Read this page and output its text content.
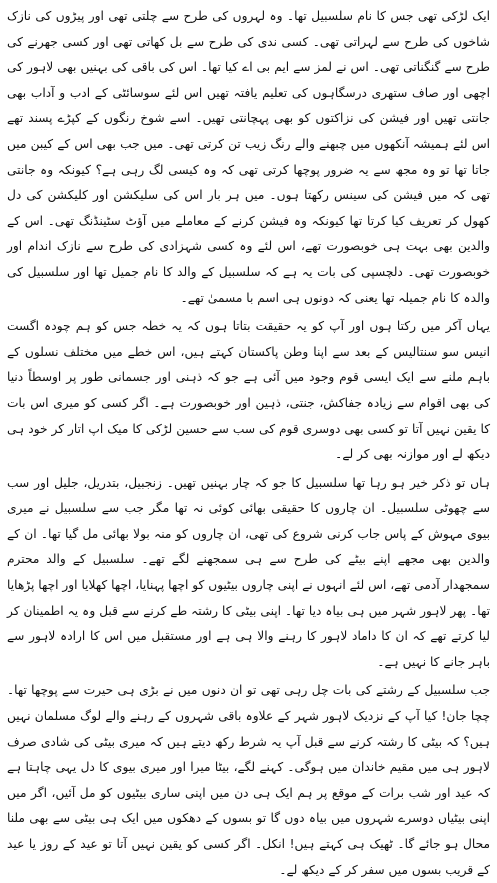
ایک لڑکی تھی جس کا نام سلسبیل تھا۔ وہ لہروں کی طرح سے چلتی تھی اور پیڑوں کی نازک شاخوں کی طرح سے لہراتی تھی۔ کسی ندی کی طرح سے بل کھاتی تھی اور کسی جھرنے کی طرح سے گنگناتی تھی۔ اس نے لمز سے ایم بی اے کیا تھا۔ اس کی باقی کی بہنیں بھی لاہور کی اچھی اور صاف ستھری درسگاہوں کی تعلیم یافتہ تھیں اس لئے سوسائٹی کے ادب و آداب بھی جانتی تھیں اور فیشن کی نزاکتوں کو بھی پہچانتی تھیں۔ اسے شوخ رنگوں کے کپڑے پسند تھے اس لئے ہمیشہ آنکھوں میں چبھنے والے رنگ زیب تن کرتی تھی۔ میں جب بھی اس کے کیبن میں جاتا تھا تو وہ مجھ سے یہ ضرور پوچھا کرتی تھی کہ وہ کیسی لگ رہی ہے؟ کیونکہ وہ جانتی تھی کہ میں فیشن کی سینس رکھتا ہوں۔ میں ہر بار اس کی سلیکشن اور کلیکشن کی دل کھول کر تعریف کیا کرتا تھا کیونکہ وہ فیشن کرنے کے معاملے میں آؤٹ سٹینڈنگ تھی۔ اس کے والدین بھی بہت ہی خوبصورت تھے، اس لئے وہ کسی شہزادی کی طرح سے نازک اندام اور خوبصورت تھی۔ دلچسپی کی بات یہ ہے کہ سلسبیل کے والد کا نام جمیل تھا اور سلسبیل کی والدہ کا نام جمیلہ تھا یعنی کہ دونوں ہی اسم با مسمیٰ تھے۔

یہاں آکر میں رکتا ہوں اور آپ کو یہ حقیقت بتاتا ہوں کہ یہ خطہ جس کو ہم چودہ اگست انیس سو سنتالیس کے بعد سے اپنا وطن پاکستان کہتے ہیں، اس خطے میں مختلف نسلوں کے باہم ملنے سے ایک ایسی قوم وجود میں آئی ہے جو کہ ذہنی اور جسمانی طور پر اوسطاً دنیا کی بھی اقوام سے زیادہ جفاکش، جنتی، ذہین اور خوبصورت ہے۔ اگر کسی کو میری اس بات کا یقین نہیں آتا تو کسی بھی دوسری قوم کی سب سے حسین لڑکی کا میک اپ اتار کر خود ہی دیکھ لے اور موازنہ بھی کر لے۔

ہاں تو ذکر خیر ہو رہا تھا سلسبیل کا جو کہ چار بہنیں تھیں۔ زنجبیل، بتدریل، جلیل اور سب سے چھوٹی سلسبیل۔ ان چاروں کا حقیقی بھائی کوئی نہ تھا مگر جب سے سلسبیل نے میری بیوی مہوش کے پاس جاب کرنی شروع کی تھی، ان چاروں کو منہ بولا بھائی مل گیا تھا۔ ان کے والدین بھی مجھے اپنے بیٹے کی طرح سے ہی سمجھنے لگے تھے۔ سلسبیل کے والد محترم سمجھدار آدمی تھے، اس لئے انہوں نے اپنی چاروں بیٹیوں کو اچھا پہنایا، اچھا کھلایا اور اچھا پڑھایا تھا۔ پھر لاہور شہر میں ہی بیاہ دیا تھا۔ اپنی بیٹی کا رشتہ طے کرنے سے قبل وہ یہ اطمینان کر لیا کرتے تھے کہ ان کا داماد لاہور کا رہنے والا ہی ہے اور مستقبل میں اس کا ارادہ لاہور سے باہر جانے کا نہیں ہے۔

جب سلسبیل کے رشتے کی بات چل رہی تھی تو ان دنوں میں نے بڑی ہی حیرت سے پوچھا تھا۔ چچا جان! کیا آپ کے نزدیک لاہور شہر کے علاوہ باقی شہروں کے رہنے والے لوگ مسلمان نہیں ہیں؟ کہ بیٹی کا رشتہ کرنے سے قبل آپ یہ شرط رکھ دیتے ہیں کہ میری بیٹی کی شادی صرف لاہور ہی میں مقیم خاندان میں ہوگی۔ کہنے لگے، بیٹا میرا اور میری بیوی کا دل یہی چاہتا ہے کہ عید اور شب برات کے موقع پر ہم ایک ہی دن میں اپنی ساری بیٹیوں کو مل آئیں، اگر میں اپنی بیٹیاں دوسرے شہروں میں بیاہ دوں گا تو بسوں کے دھکوں میں ایک ہی بیٹی سے بھی ملنا محال ہو جائے گا۔ ٹھیک ہی کہتے ہیں! انکل۔ اگر کسی کو یقین نہیں آتا تو عید کے روز یا عید کے قریب بسوں میں سفر کر کے دیکھ لے۔
